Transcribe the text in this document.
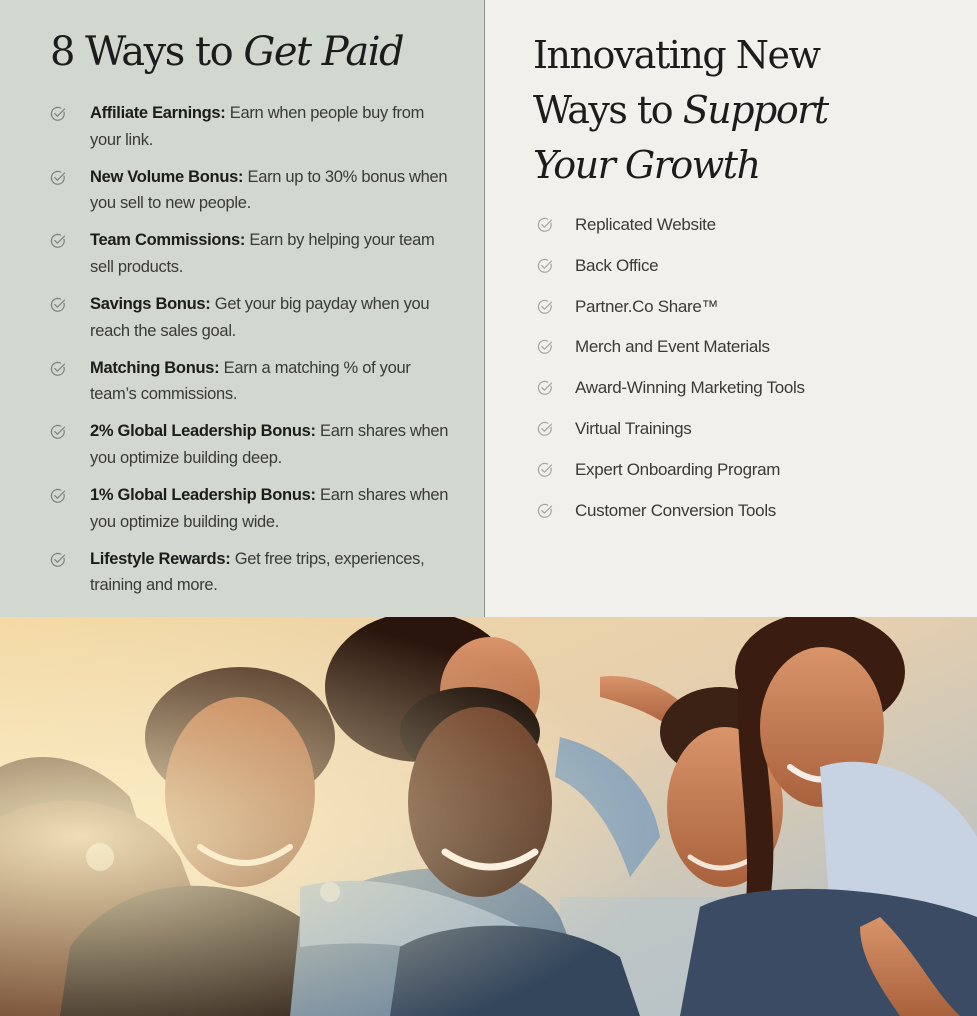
8 Ways to Get Paid
Affiliate Earnings: Earn when people buy from your link.
New Volume Bonus: Earn up to 30% bonus when you sell to new people.
Team Commissions: Earn by helping your team sell products.
Savings Bonus: Get your big payday when you reach the sales goal.
Matching Bonus: Earn a matching % of your team’s commissions.
2% Global Leadership Bonus: Earn shares when you optimize building deep.
1% Global Leadership Bonus: Earn shares when you optimize building wide.
Lifestyle Rewards: Get free trips, experiences, training and more.
Innovating New
Ways to Support
Your Growth
Replicated Website
Back Office
Partner.Co Share™
Merch and Event Materials
Award-Winning Marketing Tools
Virtual Trainings
Expert Onboarding Program
Customer Conversion Tools
